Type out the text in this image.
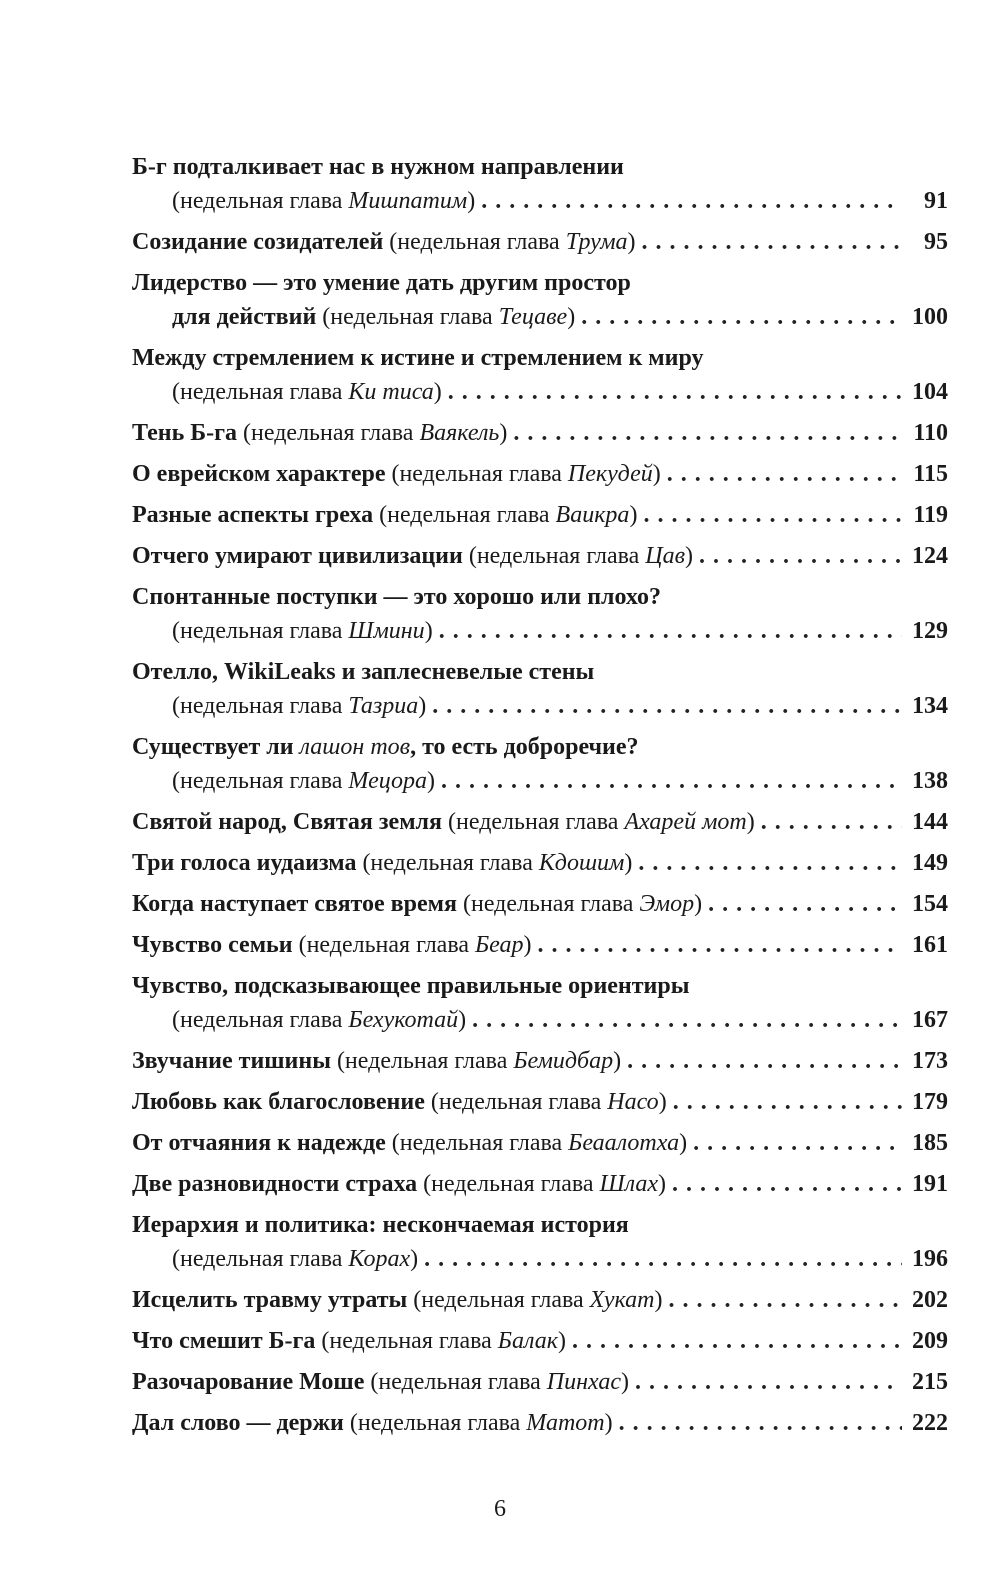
Б-г подталкивает нас в нужном направлении
(недельная глава Мишпатим) . . .	91
Созидание созидателей (недельная глава Трума) . . .	95
Лидерство — это умение дать другим простор
для действий (недельная глава Тецаве) . . .	100
Между стремлением к истине и стремлением к миру
(недельная глава Ки тиса) . . .	104
Тень Б-га (недельная глава Ваякель) . . .	110
О еврейском характере (недельная глава Пекудей) . . .	115
Разные аспекты греха (недельная глава Ваикра) . . .	119
Отчего умирают цивилизации (недельная глава Цав) . . .	124
Спонтанные поступки — это хорошо или плохо?
(недельная глава Шмини) . . .	129
Отелло, WikiLeaks и заплесневелые стены
(недельная глава Тазриа) . . .	134
Существует ли лашон тов, то есть доброречие?
(недельная глава Мецора) . . .	138
Святой народ, Святая земля (недельная глава Ахарей мот) . . .	144
Три голоса иудаизма (недельная глава Кдошим) . . .	149
Когда наступает святое время (недельная глава Эмор) . . .	154
Чувство семьи (недельная глава Беар) . . .	161
Чувство, подсказывающее правильные ориентиры
(недельная глава Бехукотай) . . .	167
Звучание тишины (недельная глава Бемидбар) . . .	173
Любовь как благословение (недельная глава Насо) . . .	179
От отчаяния к надежде (недельная глава Беаалотха) . . .	185
Две разновидности страха (недельная глава Шлах) . . .	191
Иерархия и политика: нескончаемая история
(недельная глава Корах) . . .	196
Исцелить травму утраты (недельная глава Хукат) . . .	202
Что смешит Б-га (недельная глава Балак) . . .	209
Разочарование Моше (недельная глава Пинхас) . . .	215
Дал слово — держи (недельная глава Матот) . . .	222
6
